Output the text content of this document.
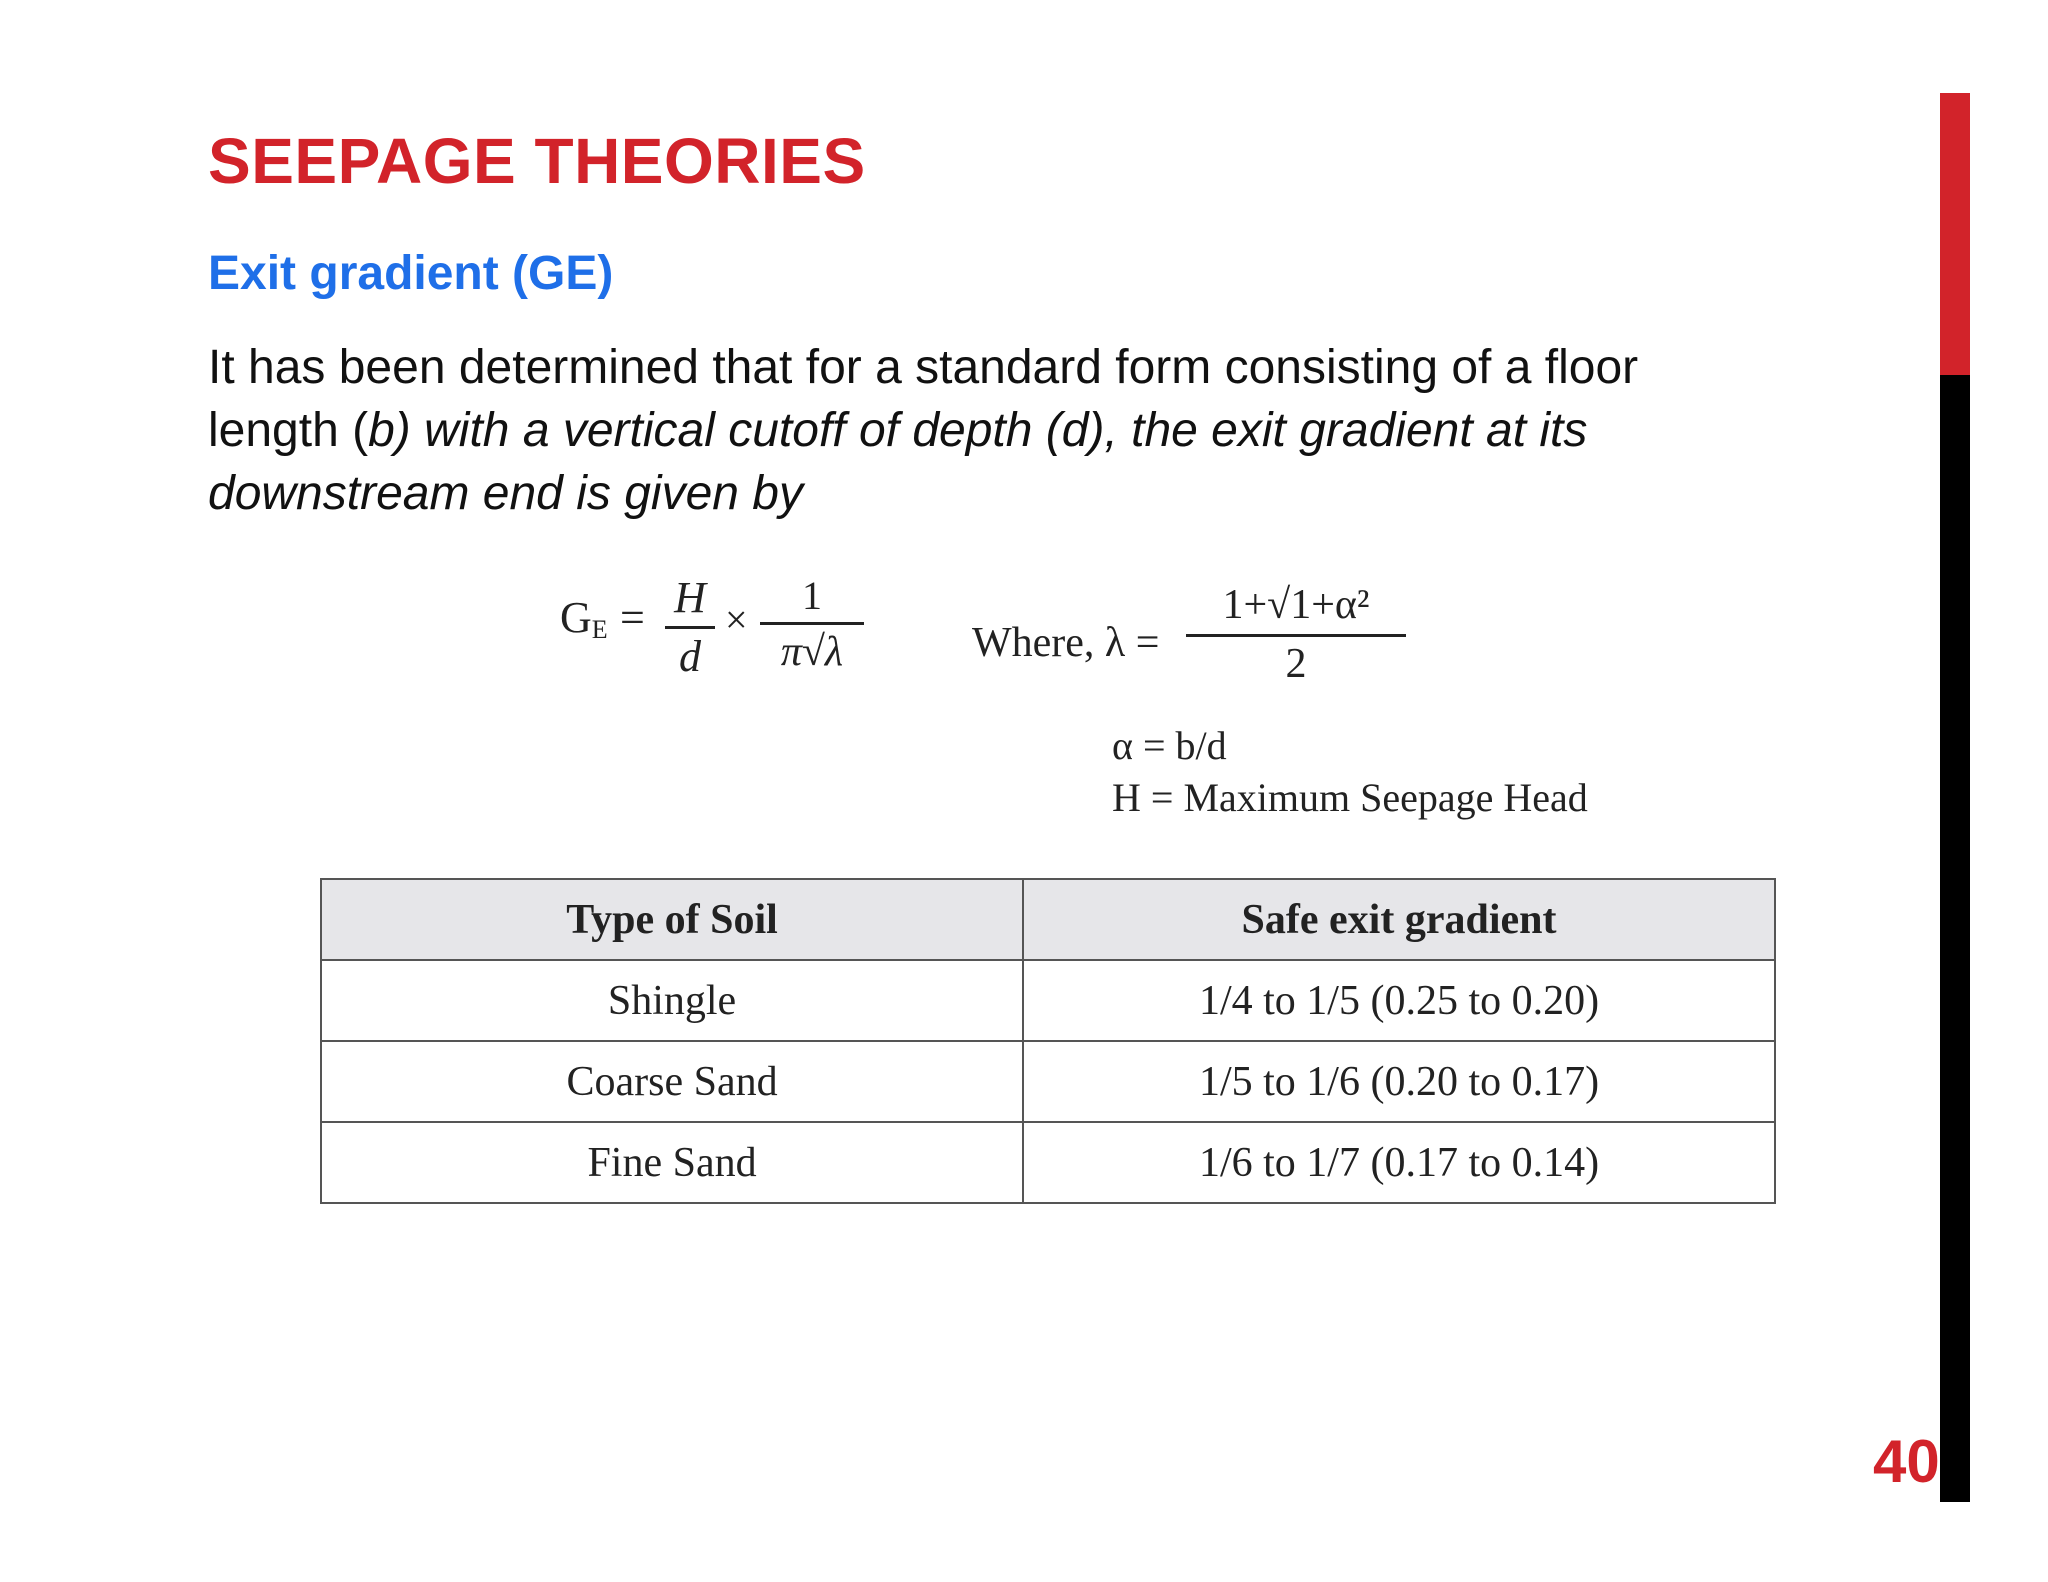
SEEPAGE THEORIES
Exit gradient (GE)

It has been determined that for a standard form consisting of a floor length (b) with a vertical cutoff of depth (d), the exit gradient at its downstream end is given by

$G_E = H$
d
×
1
π√λ	Where, λ =
1+√1+α²
2
α = b/d
H = Maximum Seepage Head
Type of Soil	Safe exit gradient
Shingle	1/4 to 1/5 (0.25 to 0.20)
Coarse Sand	1/5 to 1/6 (0.20 to 0.17)
Fine Sand	1/6 to 1/7 (0.17 to 0.14)
40
